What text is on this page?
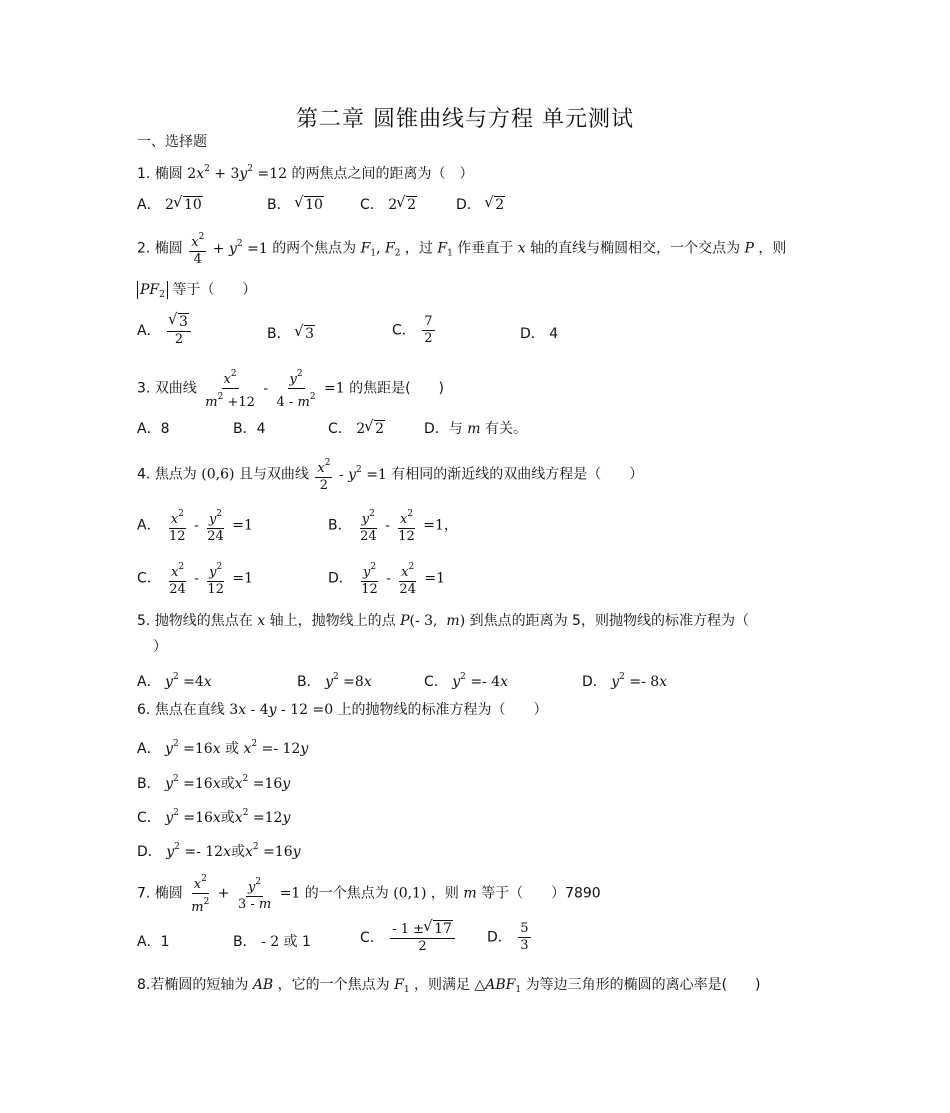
第二章 圆锥曲线与方程 单元测试
一、选择题
1. 椭圆 $2x^2 + 3y^2 =12$ 的两焦点之间的距离为（　）
A． 2 √ 10	B． √ 10	C． 2 √ 2	D． √ 2
2. 椭圆 $\frac{x^2}{4} + y^2 =1$ 的两个焦点为 $F_1$, $F_2$ ，过 $F_1$ 作垂直于 x 轴的直线与椭圆相交，一个交点为 P ，则
$PF_2$ 等于（　　）
A． √ $\frac{3}{2}$	B． √ 3	C． $\frac{7}{2}$	D． 4
3. 双曲线 $\frac{x^2}{m^2 +12} - \frac{y^2}{4 - m^2} =1$ 的焦距是(　　)
A．8	B．4	C． 2 √ 2	D．与 m 有关。
4. 焦点为 (0,6) 且与双曲线 $\frac{x^2}{2} - y^2 =1$ 有相同的渐近线的双曲线方程是（　　）
A． $\frac{x^2}{12} - \frac{y^2}{24} =1$	B． $\frac{y^2}{24} - \frac{x^2}{12} =1$，
C． $\frac{x^2}{24} - \frac{y^2}{12} =1$	D． $\frac{y^2}{12} - \frac{x^2}{24} =1$
5. 抛物线的焦点在 x 轴上，抛物线上的点 P(- 3,  m) 到焦点的距离为 5，则抛物线的标准方程为（
）
A． $y^2 =4x$	B． $y^2 =8x$	C． $y^2 =- 4x$	D． $y^2 =- 8x$
6. 焦点在直线 3x - 4y - 12 =0 上的抛物线的标准方程为（　　）
A． $y^2 =16x$ 或 $x^2 =- 12y$
B． $y^2 =16x$或$x^2 =16y$
C． $y^2 =16x$或$x^2 =12y$
D． $y^2 =- 12x$或$x^2 =16y$
7. 椭圆 $\frac{x^2}{m^2} + \frac{y^2}{3 - m} =1$ 的一个焦点为 (0,1) ，则 m 等于（　　）7890
A．1	B． - 2 或 1	C． $\frac{- 1 \pm √ 17}{2}$ D． $\frac{5}{3}$
8.若椭圆的短轴为 AB ，它的一个焦点为 $F_1$ ，则满足 $\triangle ABF_1$ 为等边三角形的椭圆的离心率是(　　)
